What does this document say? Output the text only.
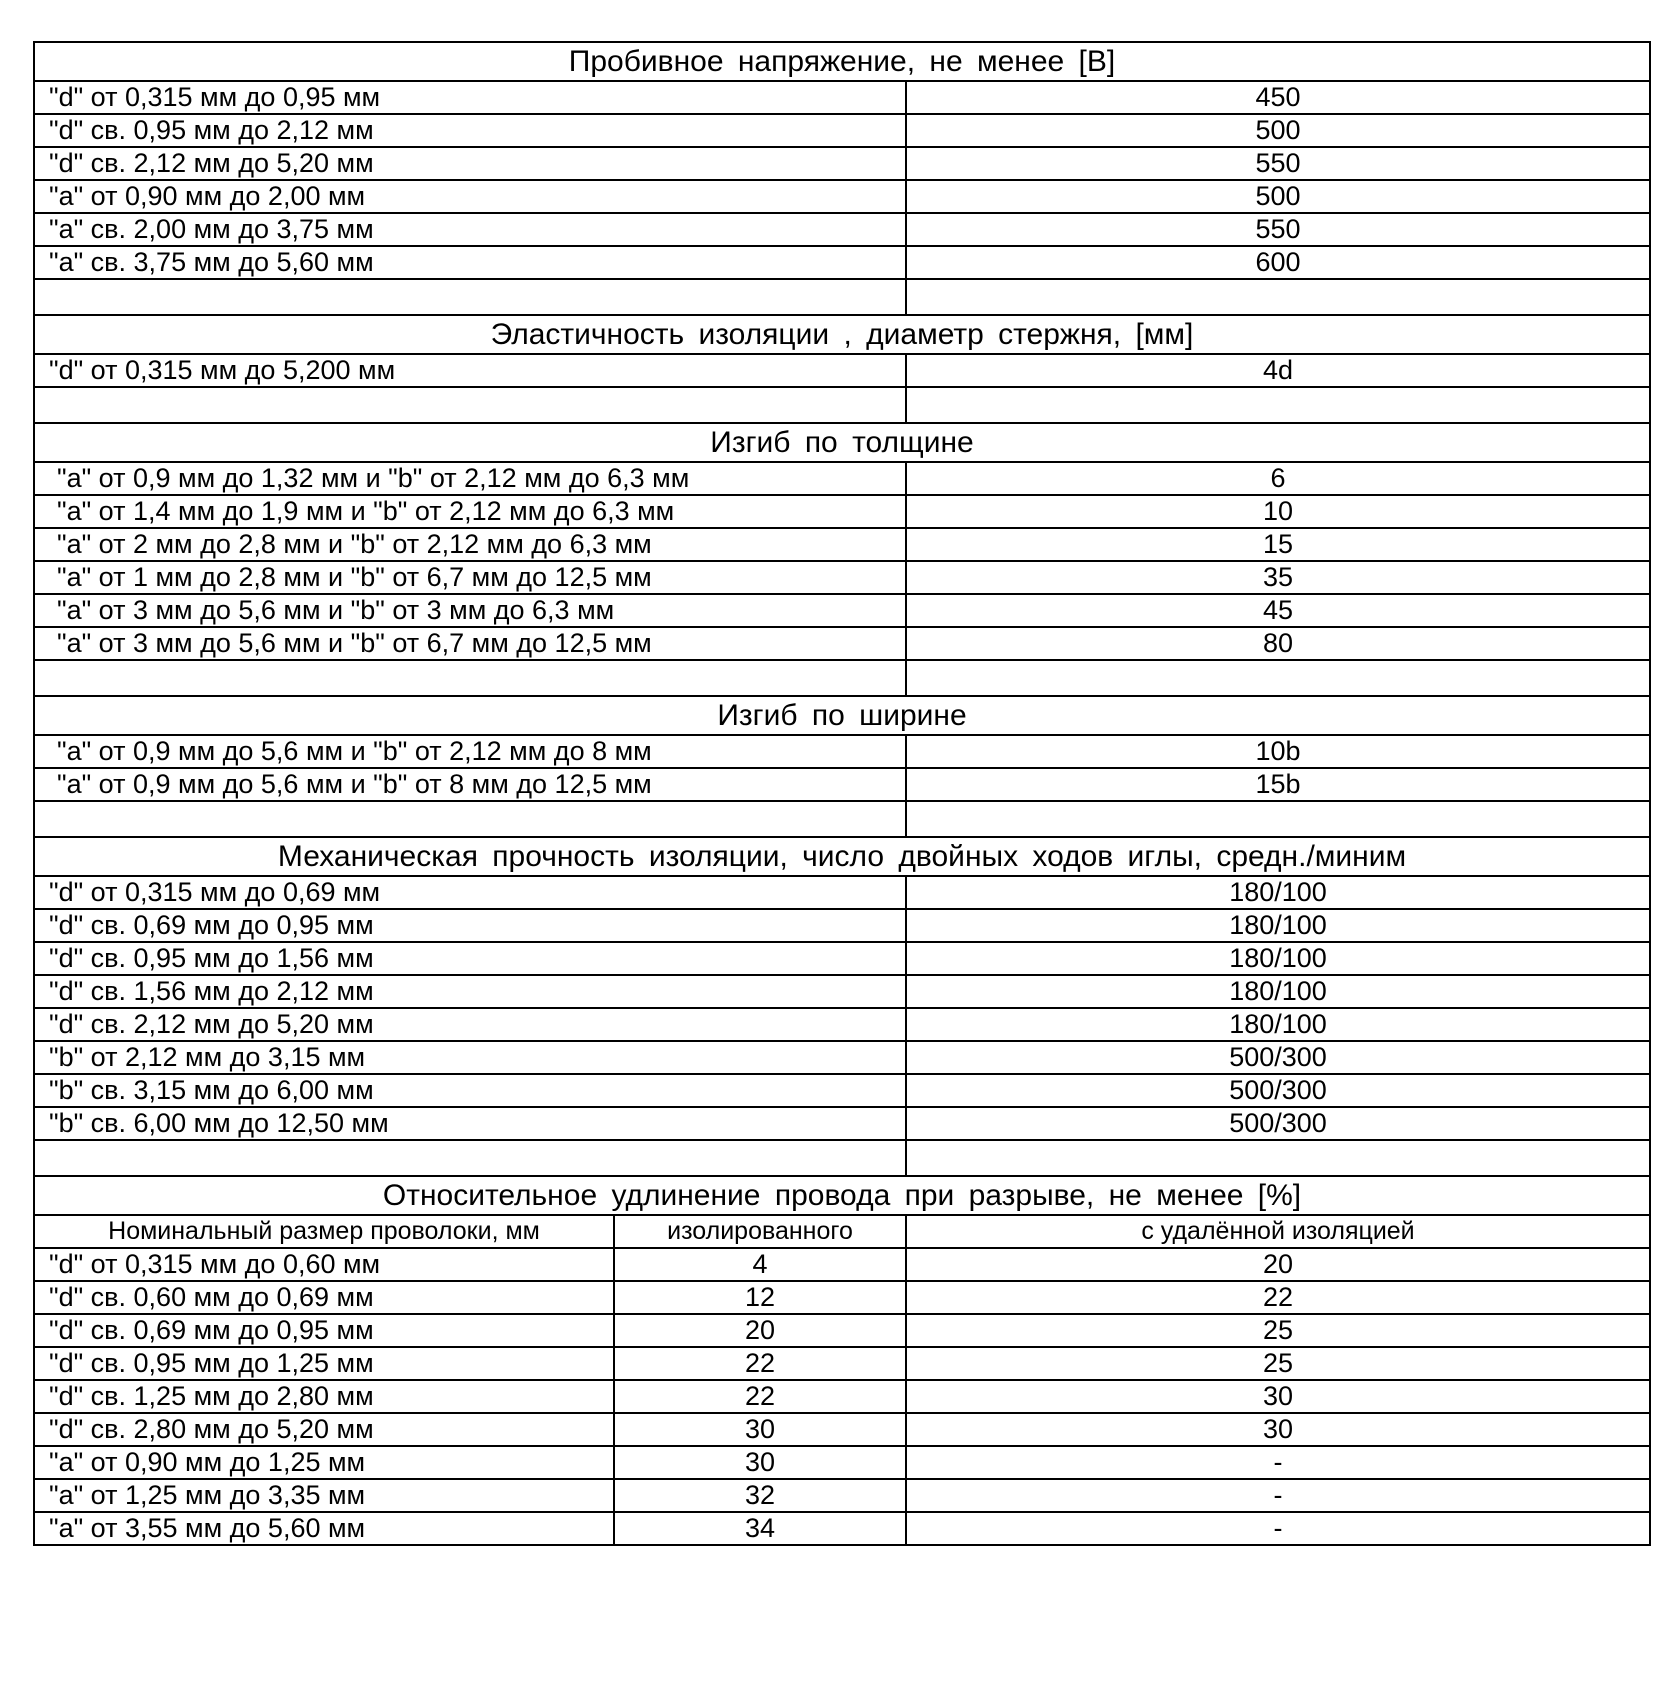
Пробивное напряжение, не менее [В]		
"d" от 0,315 мм до 0,95 мм		450
"d" св. 0,95 мм до 2,12 мм		500
"d" св. 2,12 мм до 5,20 мм		550
"a" от 0,90 мм до 2,00 мм		500
"a" св. 2,00 мм до 3,75 мм		550
"a" св. 3,75 мм до 5,60 мм		600

Эластичность изоляции , диаметр стержня, [мм]		
"d" от 0,315 мм до 5,200 мм		4d

Изгиб по толщине		
"a" от 0,9 мм до 1,32 мм и "b" от 2,12 мм до 6,3 мм		6
"a" от 1,4 мм до 1,9 мм и "b" от 2,12 мм до 6,3 мм		10
"a" от 2 мм до 2,8 мм и "b" от 2,12 мм до 6,3 мм		15
"a" от 1 мм до 2,8 мм и "b" от 6,7 мм до 12,5 мм		35
"a" от 3 мм до 5,6 мм и "b" от 3 мм до 6,3 мм		45
"a" от 3 мм до 5,6 мм и "b" от 6,7 мм до 12,5 мм		80

Изгиб по ширине		
"a" от 0,9 мм до 5,6 мм и "b" от 2,12 мм до 8 мм		10b
"a" от 0,9 мм до 5,6 мм и "b" от 8 мм до 12,5 мм		15b

Механическая прочность изоляции, число двойных ходов иглы, средн./миним		
"d" от 0,315 мм до 0,69 мм		180/100
"d" св. 0,69 мм до 0,95 мм		180/100
"d" св. 0,95 мм до 1,56 мм		180/100
"d" св. 1,56 мм до 2,12 мм		180/100
"d" св. 2,12 мм до 5,20 мм		180/100
"b" от 2,12 мм до 3,15 мм		500/300
"b" св. 3,15 мм до 6,00 мм		500/300
"b" св. 6,00 мм до 12,50 мм		500/300

Относительное удлинение провода при разрыве, не менее [%]		
Номинальный размер проволоки, мм	изолированного	с удалённой изоляцией
"d" от 0,315 мм до 0,60 мм	4	20
"d" св. 0,60 мм до 0,69 мм	12	22
"d" св. 0,69 мм до 0,95 мм	20	25
"d" св. 0,95 мм до 1,25 мм	22	25
"d" св. 1,25 мм до 2,80 мм	22	30
"d" св. 2,80 мм до 5,20 мм	30	30
"a" от 0,90 мм до 1,25 мм	30	-
"a" от 1,25 мм до 3,35 мм	32	-
"a" от 3,55 мм до 5,60 мм	34	-
